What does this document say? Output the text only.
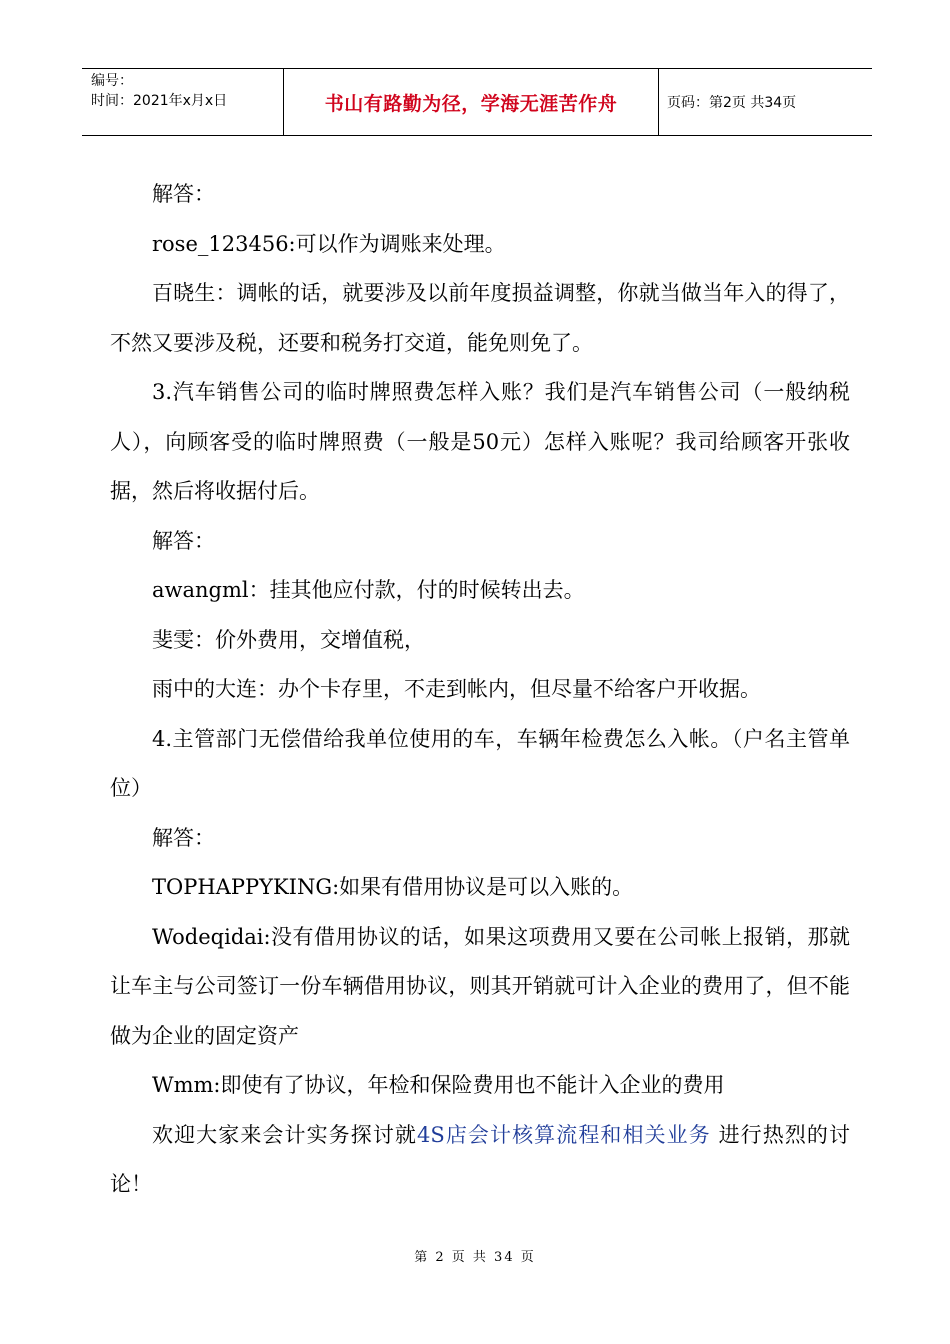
编号：
时间：2021年x月x日	书山有路勤为径，学海无涯苦作舟	页码：第2页 共34页

解答：

rose_123456:可以作为调账来处理。

百晓生：调帐的话，就要涉及以前年度损益调整，你就当做当年入的得了，不然又要涉及税，还要和税务打交道，能免则免了。

3.汽车销售公司的临时牌照费怎样入账？我们是汽车销售公司（一般纳税人），向顾客受的临时牌照费（一般是50元）怎样入账呢？我司给顾客开张收据，然后将收据付后。

解答：

awangml：挂其他应付款，付的时候转出去。

斐雯：价外费用，交增值税，

雨中的大连：办个卡存里，不走到帐内，但尽量不给客户开收据。

4.主管部门无偿借给我单位使用的车，车辆年检费怎么入帐。（户名主管单位）

解答：

TOPHAPPYKING:如果有借用协议是可以入账的。

Wodeqidai:没有借用协议的话，如果这项费用又要在公司帐上报销，那就让车主与公司签订一份车辆借用协议，则其开销就可计入企业的费用了，但不能做为企业的固定资产

Wmm:即使有了协议，年检和保险费用也不能计入企业的费用

欢迎大家来会计实务探讨就4S店会计核算流程和相关业务 进行热烈的讨论！

第 2 页 共 34 页
